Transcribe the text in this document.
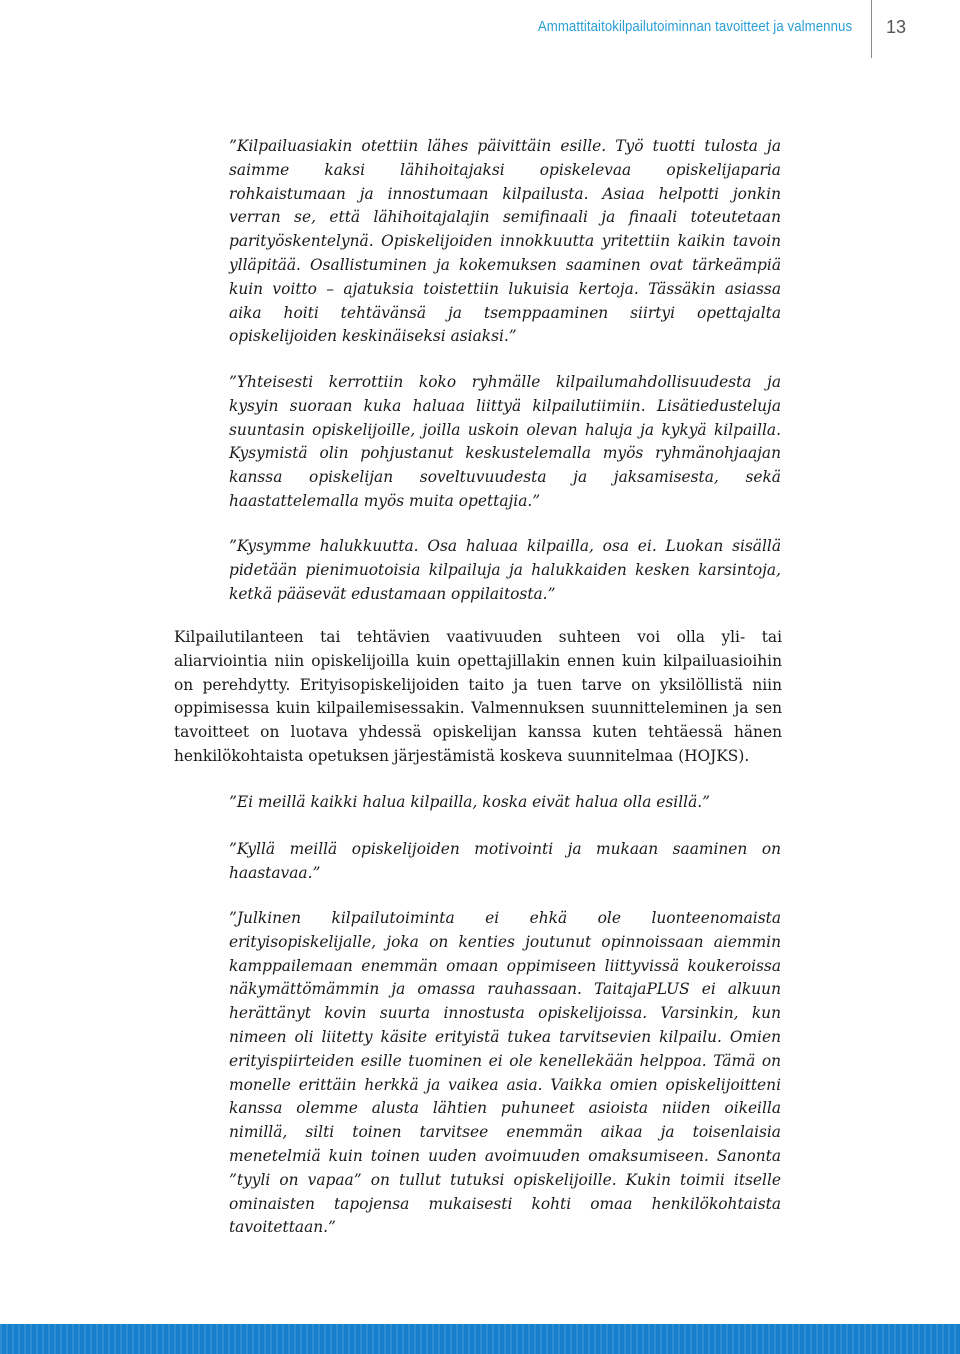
Ammattitaitokilpailutoiminnan tavoitteet ja valmennus 13

”Kilpailuasiakin otettiin lähes päivittäin esille. Työ tuotti tulosta ja saimme kaksi lähihoitajaksi opiskelevaa opiskelijaparia rohkaistumaan ja innostumaan kilpailusta. Asiaa helpotti jonkin verran se, että lähihoitajalajin semifinaali ja finaali toteutetaan parityöskentelynä. Opiskelijoiden innokkuutta yritettiin kaikin tavoin ylläpitää. Osallistuminen ja kokemuksen saaminen ovat tärkeämpiä kuin voitto – ajatuksia toistettiin lukuisia kertoja. Tässäkin asiassa aika hoiti tehtävänsä ja tsemppaaminen siirtyi opettajalta opiskelijoiden keskinäiseksi asiaksi.”

”Yhteisesti kerrottiin koko ryhmälle kilpailumahdollisuudesta ja kysyin suoraan kuka haluaa liittyä kilpailutiimiin. Lisätiedusteluja suuntasin opiskelijoille, joilla uskoin olevan haluja ja kykyä kilpailla. Kysymistä olin pohjustanut keskustelemalla myös ryhmänohjaajan kanssa opiskelijan soveltuvuudesta ja jaksamisesta, sekä haastattelemalla myös muita opettajia.”

”Kysymme halukkuutta. Osa haluaa kilpailla, osa ei. Luokan sisällä pidetään pienimuotoisia kilpailuja ja halukkaiden kesken karsintoja, ketkä pääsevät edustamaan oppilaitosta.”

Kilpailutilanteen tai tehtävien vaativuuden suhteen voi olla yli- tai aliarviointia niin opiskelijoilla kuin opettajillakin ennen kuin kilpailuasioihin on perehdytty. Erityisopiskelijoiden taito ja tuen tarve on yksilöllistä niin oppimisessa kuin kilpailemisessakin. Valmennuksen suunnitteleminen ja sen tavoitteet on luotava yhdessä opiskelijan kanssa kuten tehtäessä hänen henkilökohtaista opetuksen järjestämistä koskeva suunnitelmaa (HOJKS).

”Ei meillä kaikki halua kilpailla, koska eivät halua olla esillä.”

”Kyllä meillä opiskelijoiden motivointi ja mukaan saaminen on haastavaa.”

”Julkinen kilpailutoiminta ei ehkä ole luonteenomaista erityisopiskelijalle, joka on kenties joutunut opinnoissaan aiemmin kamppailemaan enemmän omaan oppimiseen liittyvissä koukeroissa näkymättömämmin ja omassa rauhassaan. TaitajaPLUS ei alkuun herättänyt kovin suurta innostusta opiskelijoissa. Varsinkin, kun nimeen oli liitetty käsite erityistä tukea tarvitsevien kilpailu. Omien erityispiirteiden esille tuominen ei ole kenellekään helppoa. Tämä on monelle erittäin herkkä ja vaikea asia. Vaikka omien opiskelijoitteni kanssa olemme alusta lähtien puhuneet asioista niiden oikeilla nimillä, silti toinen tarvitsee enemmän aikaa ja toisenlaisia menetelmiä kuin toinen uuden avoimuuden omaksumiseen. Sanonta ”tyyli on vapaa” on tullut tutuksi opiskelijoille. Kukin toimii itselle ominaisten tapojensa mukaisesti kohti omaa henkilökohtaista tavoitettaan.”
